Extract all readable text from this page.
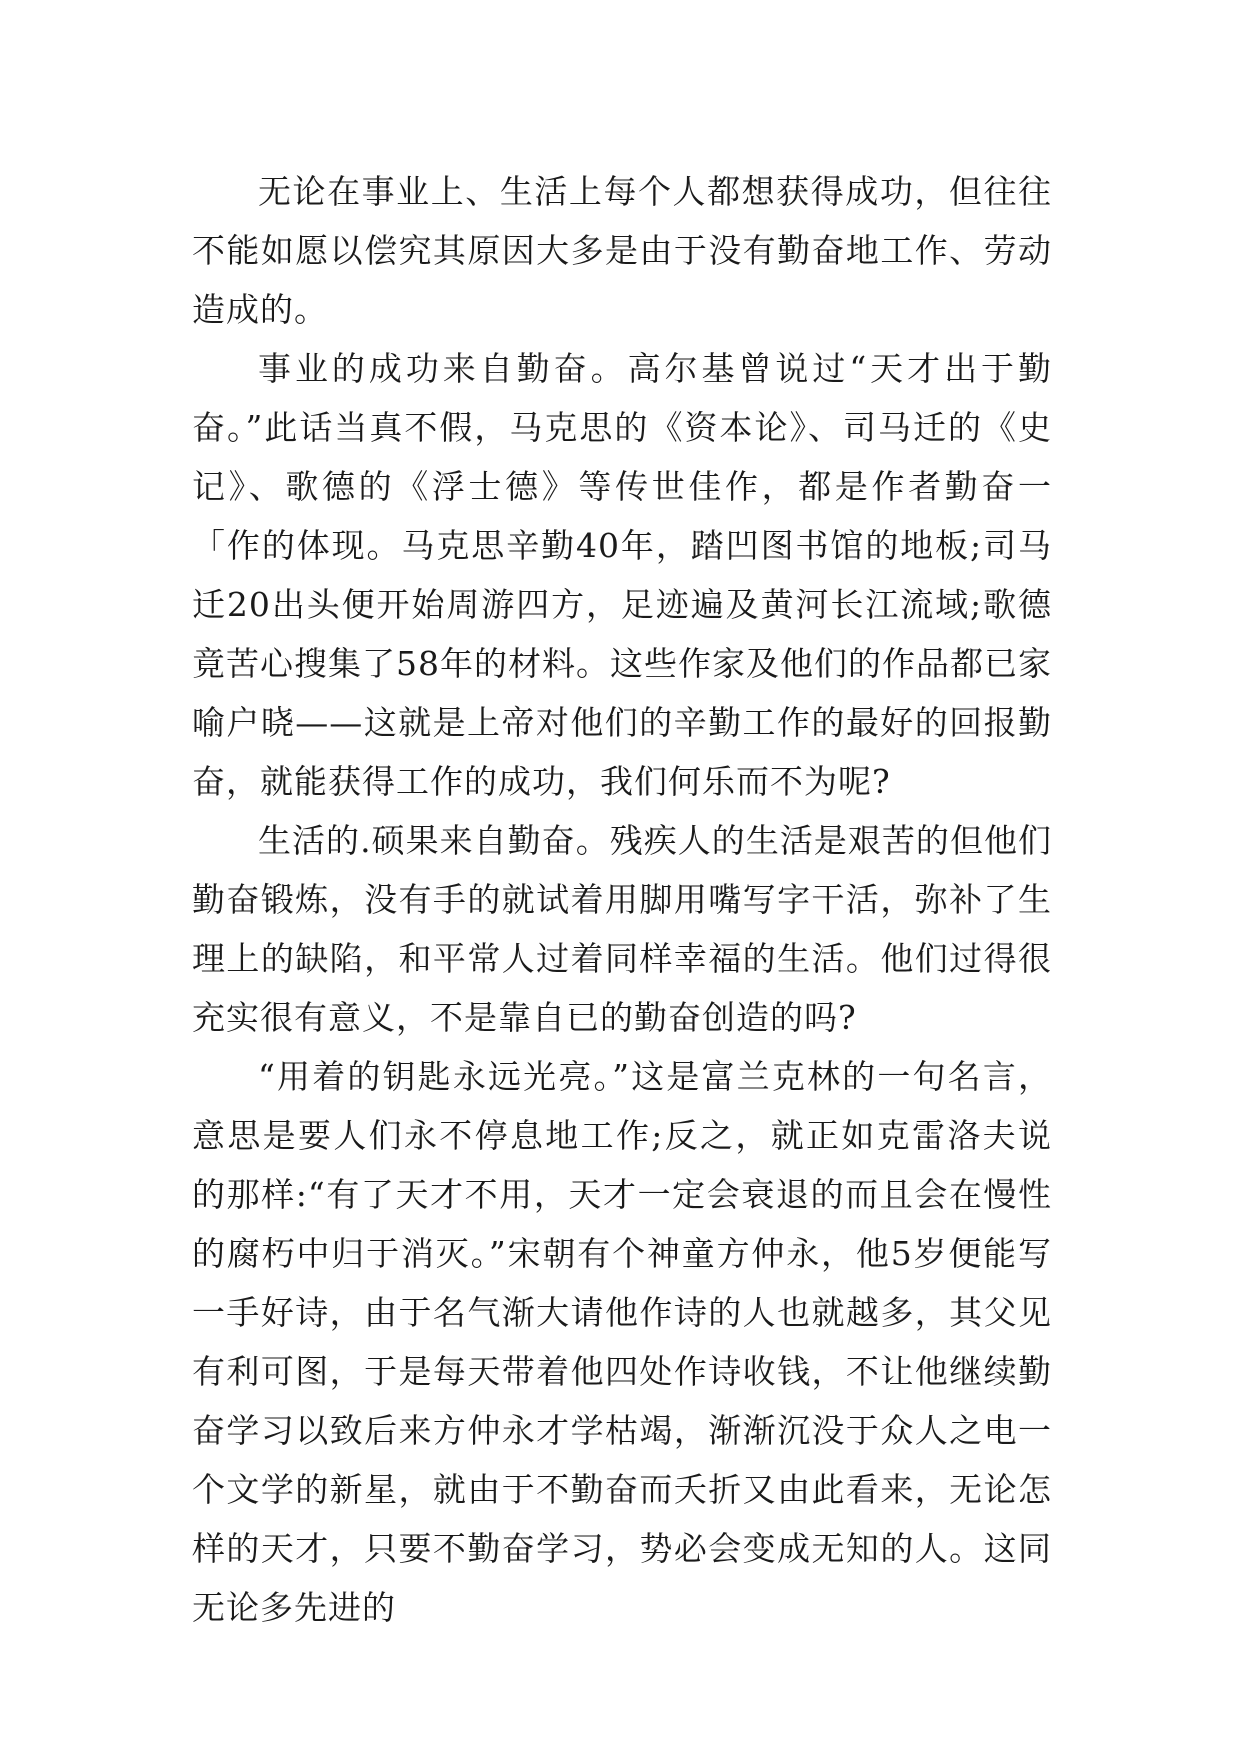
无论在事业上、生活上每个人都想获得成功，但往往不能如愿以偿究其原因大多是由于没有勤奋地工作、劳动造成的。

事业的成功来自勤奋。高尔基曾说过“天才出于勤奋。”此话当真不假，马克思的《资本论》、司马迁的《史记》、歌德的《浮士德》等传世佳作，都是作者勤奋一「作的体现。马克思辛勤40年，踏凹图书馆的地板;司马迁20出头便开始周游四方，足迹遍及黄河长江流域;歌德竟苦心搜集了58年的材料。这些作家及他们的作品都已家喻户晓——这就是上帝对他们的辛勤工作的最好的回报勤奋，就能获得工作的成功，我们何乐而不为呢?

生活的.硕果来自勤奋。残疾人的生活是艰苦的但他们勤奋锻炼，没有手的就试着用脚用嘴写字干活，弥补了生理上的缺陷，和平常人过着同样幸福的生活。他们过得很充实很有意义，不是靠自已的勤奋创造的吗?

“用着的钥匙永远光亮。”这是富兰克林的一句名言，意思是要人们永不停息地工作;反之，就正如克雷洛夫说的那样:“有了天才不用，天才一定会衰退的而且会在慢性的腐朽中归于消灭。”宋朝有个神童方仲永，他5岁便能写一手好诗，由于名气渐大请他作诗的人也就越多，其父见有利可图，于是每天带着他四处作诗收钱，不让他继续勤奋学习以致后来方仲永才学枯竭，渐渐沉没于众人之电一个文学的新星，就由于不勤奋而夭折又由此看来，无论怎样的天才，只要不勤奋学习，势必会变成无知的人。这同无论多先进的
